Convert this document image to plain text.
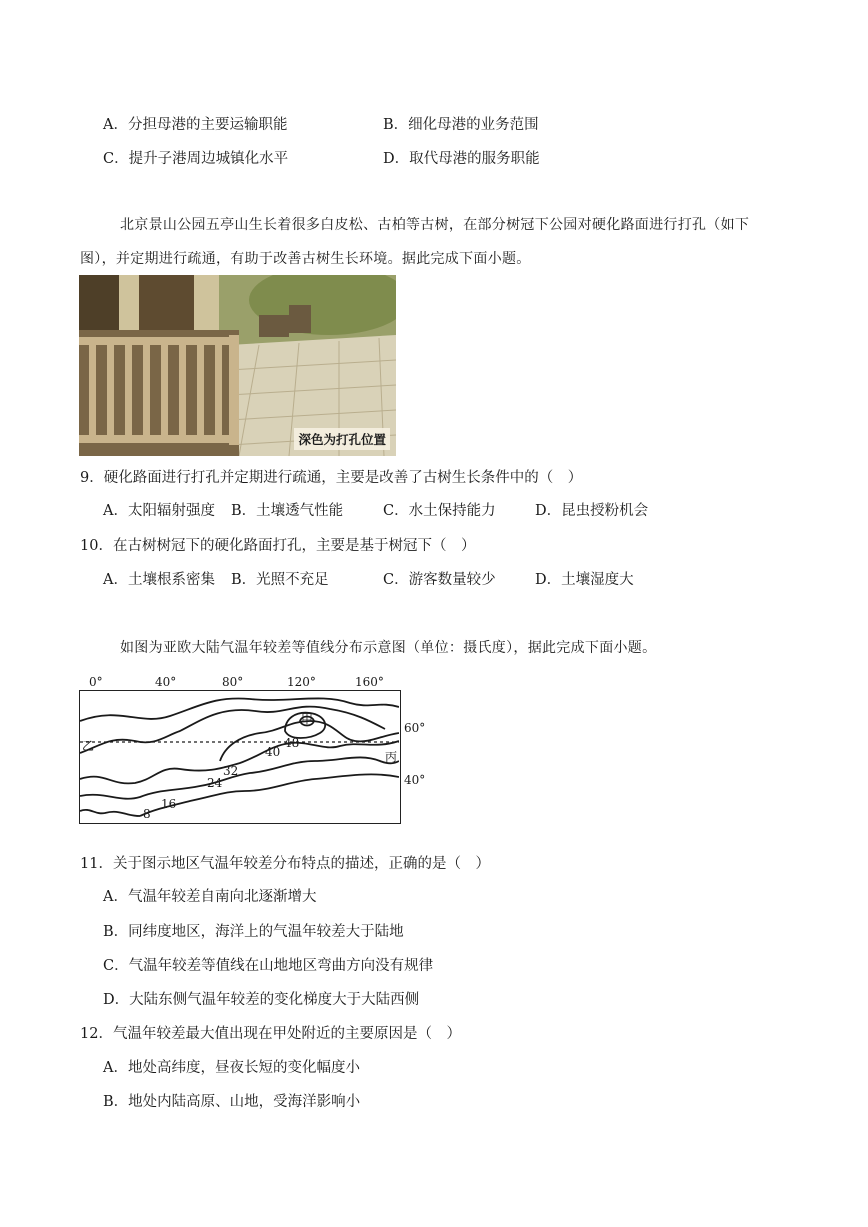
A．分担母港的主要运输职能	B．细化母港的业务范围
C．提升子港周边城镇化水平	D．取代母港的服务职能
北京景山公园五亭山生长着很多白皮松、古柏等古树，在部分树冠下公园对硬化路面进行打孔（如下
图），并定期进行疏通，有助于改善古树生长环境。据此完成下面小题。
深色为打孔位置
9．硬化路面进行打孔并定期进行疏通，主要是改善了古树生长条件中的（　）
A．太阳辐射强度 B．土壤透气性能	C．水土保持能力	D．昆虫授粉机会
10．在古树树冠下的硬化路面打孔，主要是基于树冠下（　）
A．土壤根系密集 B．光照不充足	C．游客数量较少	D．土壤湿度大
如图为亚欧大陆气温年较差等值线分布示意图（单位：摄氏度），据此完成下面小题。
0°	40°	80°	120°	160°
60°
40°
甲
乙
丙
48
40
32
24
16
8
11．关于图示地区气温年较差分布特点的描述，正确的是（　）
A．气温年较差自南向北逐渐增大
B．同纬度地区，海洋上的气温年较差大于陆地
C．气温年较差等值线在山地地区弯曲方向没有规律
D．大陆东侧气温年较差的变化梯度大于大陆西侧
12．气温年较差最大值出现在甲处附近的主要原因是（　）
A．地处高纬度，昼夜长短的变化幅度小
B．地处内陆高原、山地，受海洋影响小
